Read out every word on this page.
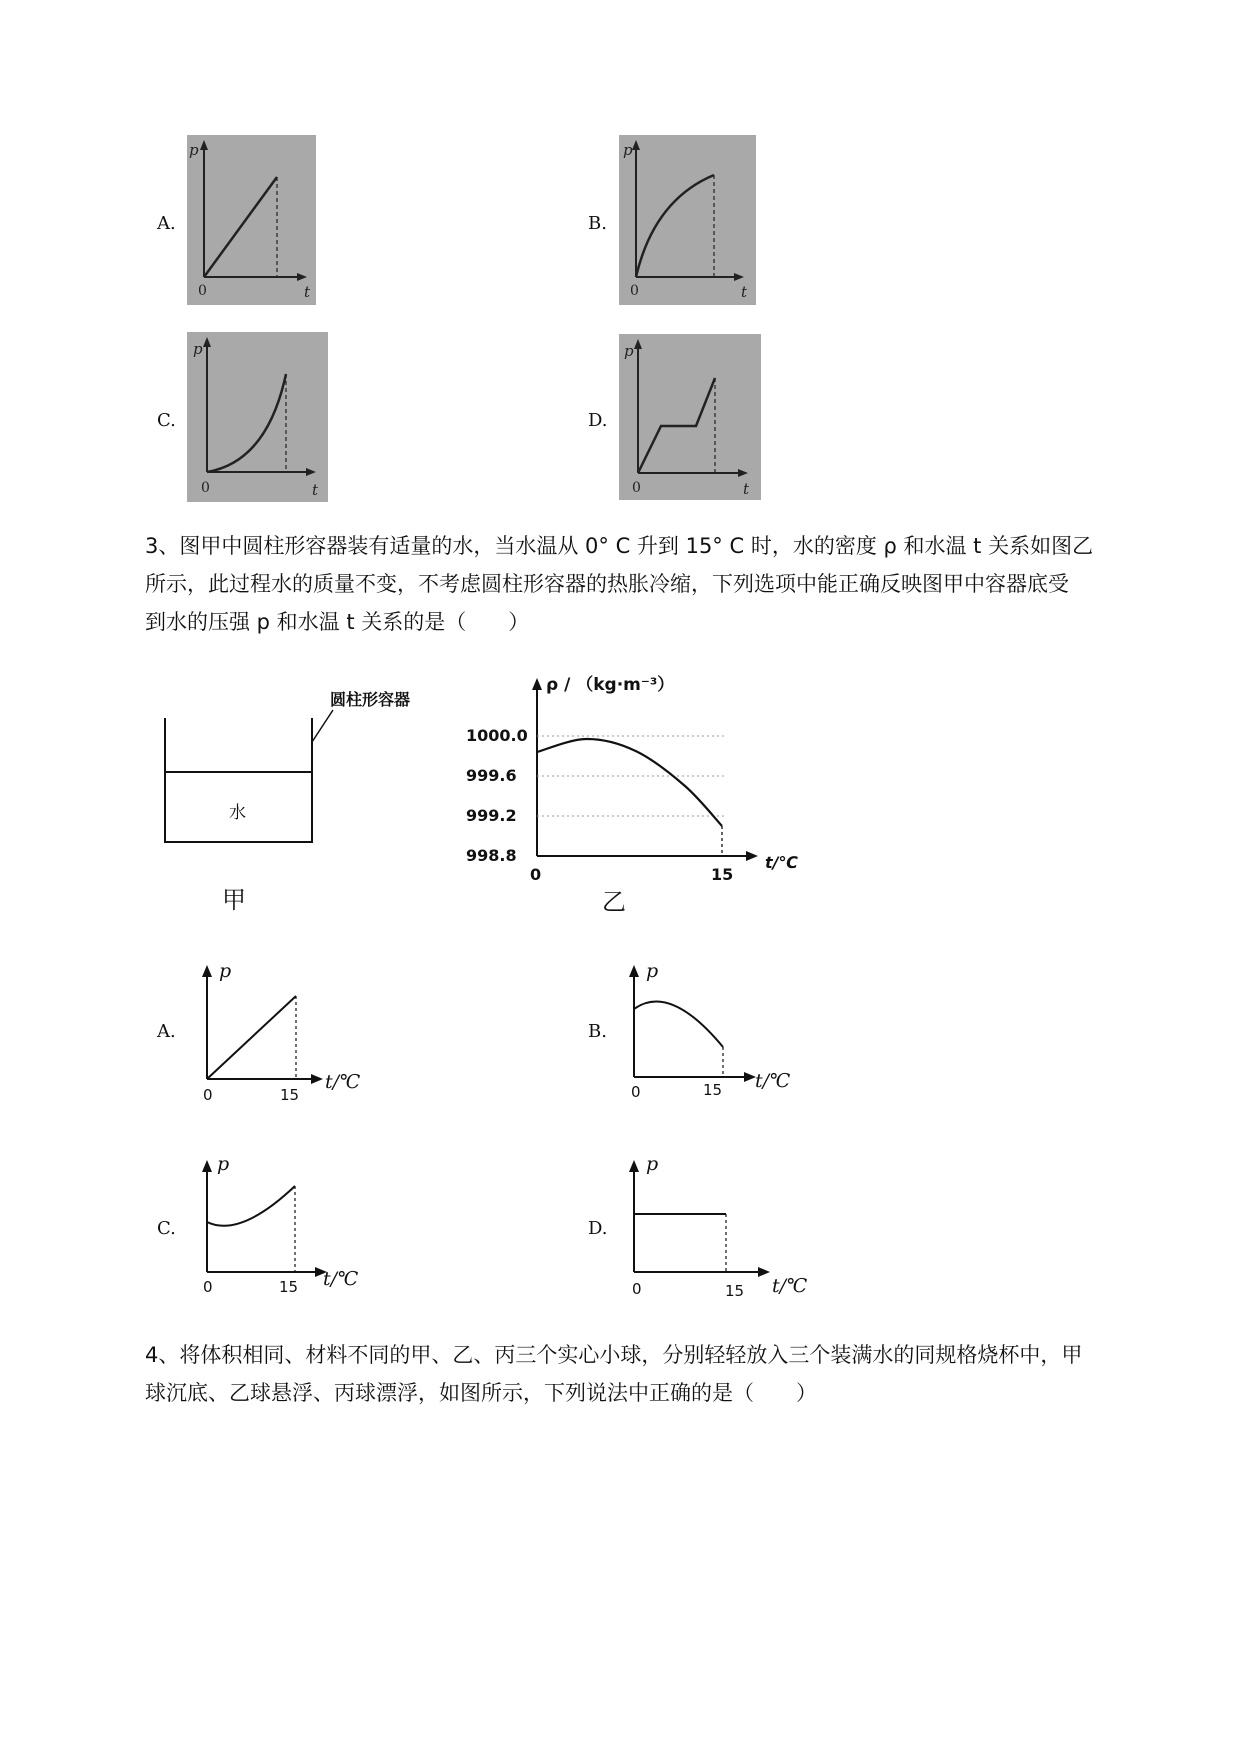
A.
p
0	t
B.
p
0	t
C.
p
0	t
D.
p
0	t

3、图甲中圆柱形容器装有适量的水，当水温从 0° C 升到 15° C 时，水的密度 ρ 和水温 t 关系如图乙

所示，此过程水的质量不变，不考虑圆柱形容器的热胀冷缩，下列选项中能正确反映图甲中容器底受

到水的压强 p 和水温 t 关系的是（　　）

圆柱形容器
水
甲
998.8
999.2
999.6
1000.0
ρ / （kg·m⁻³）
0	15
t/℃
乙
A.
p
0	15
t/℃
B.
p
0	15 t/℃
C.
p
0	15 t/℃
D.
p
0	15 t/℃

4、将体积相同、材料不同的甲、乙、丙三个实心小球，分别轻轻放入三个装满水的同规格烧杯中，甲

球沉底、乙球悬浮、丙球漂浮，如图所示，下列说法中正确的是（　　）
